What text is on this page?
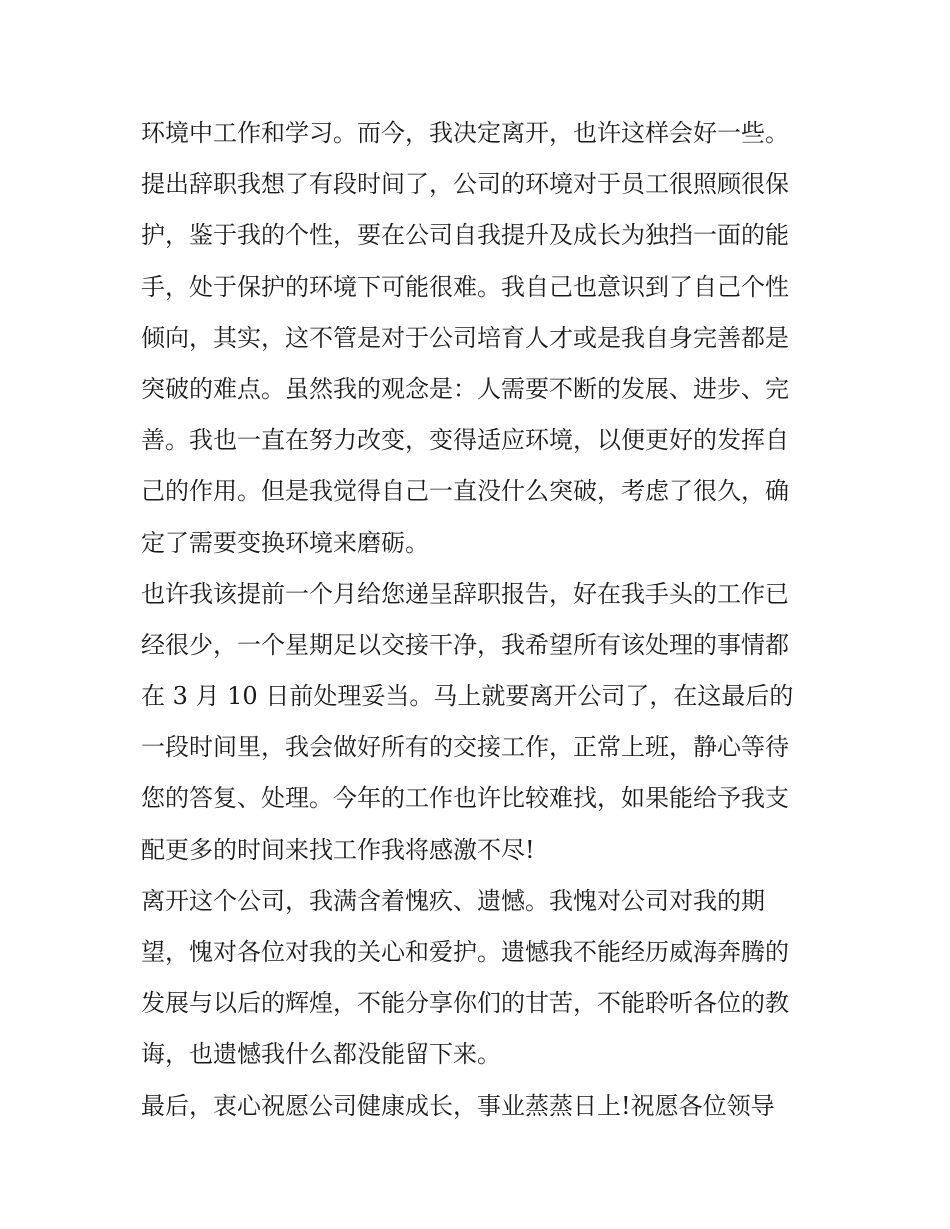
环境中工作和学习。而今，我决定离开，也许这样会好一些。
提出辞职我想了有段时间了，公司的环境对于员工很照顾很保
护，鉴于我的个性，要在公司自我提升及成长为独挡一面的能
手，处于保护的环境下可能很难。我自己也意识到了自己个性
倾向，其实，这不管是对于公司培育人才或是我自身完善都是
突破的难点。虽然我的观念是：人需要不断的发展、进步、完
善。我也一直在努力改变，变得适应环境，以便更好的发挥自
己的作用。但是我觉得自己一直没什么突破，考虑了很久，确
定了需要变换环境来磨砺。
也许我该提前一个月给您递呈辞职报告，好在我手头的工作已
经很少，一个星期足以交接干净，我希望所有该处理的事情都
在 3 月 10 日前处理妥当。马上就要离开公司了，在这最后的
一段时间里，我会做好所有的交接工作，正常上班，静心等待
您的答复、处理。今年的工作也许比较难找，如果能给予我支
配更多的时间来找工作我将感激不尽!
离开这个公司，我满含着愧疚、遗憾。我愧对公司对我的期
望，愧对各位对我的关心和爱护。遗憾我不能经历威海奔腾的
发展与以后的辉煌，不能分享你们的甘苦，不能聆听各位的教
诲，也遗憾我什么都没能留下来。
最后，衷心祝愿公司健康成长，事业蒸蒸日上!祝愿各位领导
